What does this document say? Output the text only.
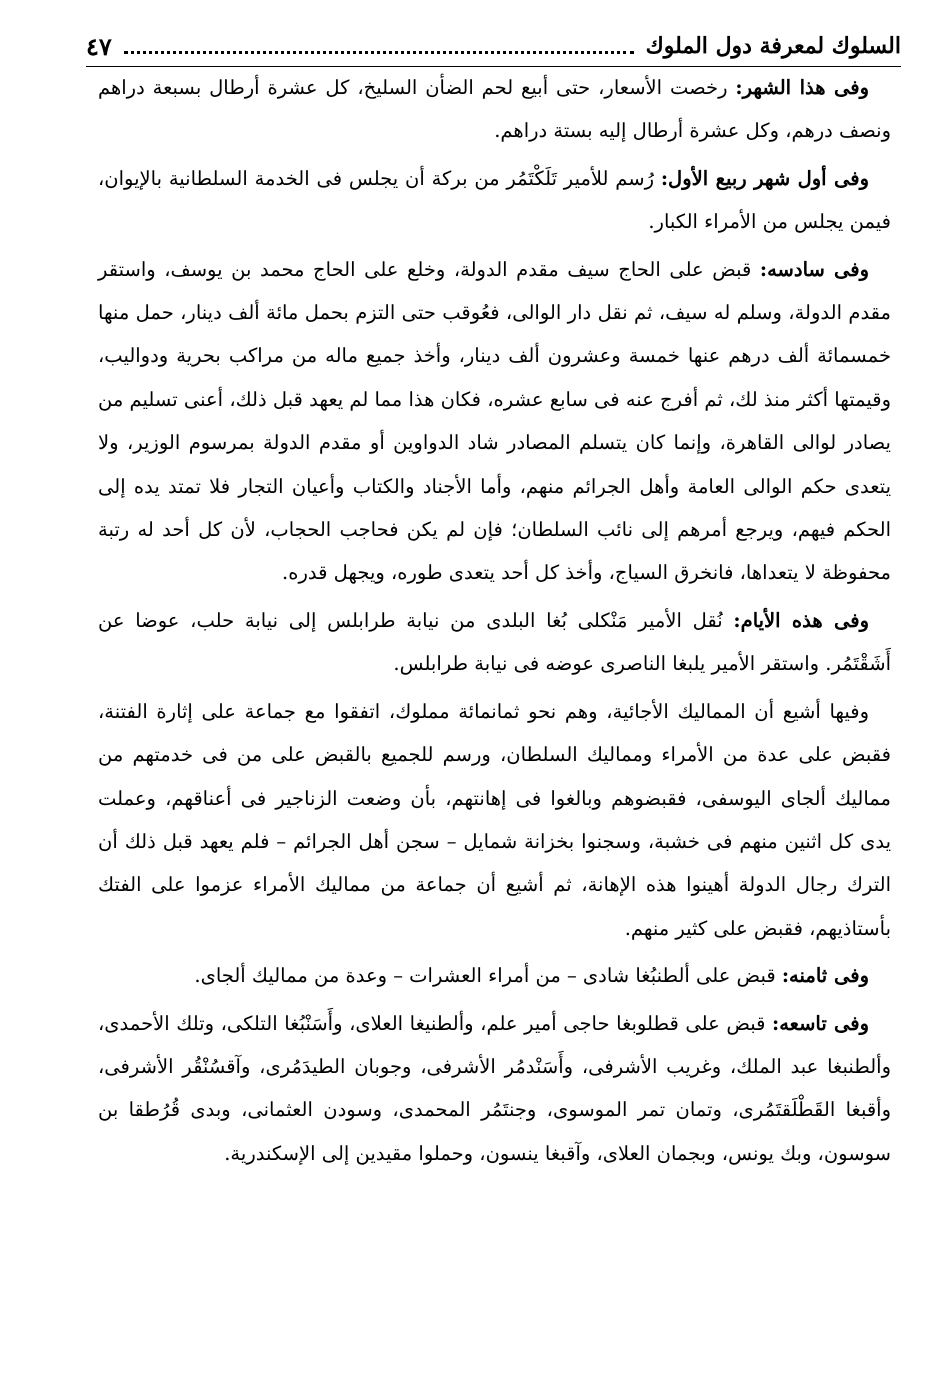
السلوك لمعرفة دول الملوك
٤٧

وفى هذا الشهر: رخصت الأسعار، حتى أبيع لحم الضأن السليخ، كل عشرة أرطال بسبعة دراهم ونصف درهم، وكل عشرة أرطال إليه بستة دراهم.

وفى أول شهر ربيع الأول: رُسم للأمير تَلَكْتَمُر من بركة أن يجلس فى الخدمة السلطانية بالإيوان، فيمن يجلس من الأمراء الكبار.

وفى سادسه: قبض على الحاج سيف مقدم الدولة، وخلع على الحاج محمد بن يوسف، واستقر مقدم الدولة، وسلم له سيف، ثم نقل دار الوالى، فعُوقب حتى التزم بحمل مائة ألف دينار، حمل منها خمسمائة ألف درهم عنها خمسة وعشرون ألف دينار، وأخذ جميع ماله من مراكب بحرية ودواليب، وقيمتها أكثر منذ لك، ثم أفرج عنه فى سابع عشره، فكان هذا مما لم يعهد قبل ذلك، أعنى تسليم من يصادر لوالى القاهرة، وإنما كان يتسلم المصادر شاد الدواوين أو مقدم الدولة بمرسوم الوزير، ولا يتعدى حكم الوالى العامة وأهل الجرائم منهم، وأما الأجناد والكتاب وأعيان التجار فلا تمتد يده إلى الحكم فيهم، ويرجع أمرهم إلى نائب السلطان؛ فإن لم يكن فحاجب الحجاب، لأن كل أحد له رتبة محفوظة لا يتعداها، فانخرق السياج، وأخذ كل أحد يتعدى طوره، ويجهل قدره.

وفى هذه الأيام: نُقل الأمير مَنْكلى بُغا البلدى من نيابة طرابلس إلى نيابة حلب، عوضا عن أَشَقْتَمُر. واستقر الأمير يلبغا الناصرى عوضه فى نيابة طرابلس.

وفيها أشيع أن المماليك الأجائية، وهم نحو ثمانمائة مملوك، اتفقوا مع جماعة على إثارة الفتنة، فقبض على عدة من الأمراء ومماليك السلطان، ورسم للجميع بالقبض على من فى خدمتهم من مماليك ألجاى اليوسفى، فقبضوهم وبالغوا فى إهانتهم، بأن وضعت الزناجير فى أعناقهم، وعملت يدى كل اثنين منهم فى خشبة، وسجنوا بخزانة شمايل – سجن أهل الجرائم – فلم يعهد قبل ذلك أن الترك رجال الدولة أهينوا هذه الإهانة، ثم أشيع أن جماعة من مماليك الأمراء عزموا على الفتك بأستاذيهم، فقبض على كثير منهم.

وفى ثامنه: قبض على ألطنبُغا شادى – من أمراء العشرات – وعدة من مماليك ألجاى.

وفى تاسعه: قبض على قطلوبغا حاجى أمير علم، وألطنيغا العلاى، وأَسَنْبُغا التلكى، وتلك الأحمدى، وألطنبغا عبد الملك، وغريب الأشرفى، وأَسَنْدمُر الأشرفى، وجوبان الطيدَمُرى، وآقسُنْقُر الأشرفى، وأقبغا القَطْلَقتَمُرى، وتمان تمر الموسوى، وجنتَمُر المحمدى، وسودن العثمانى، وبدى قُرُطقا بن سوسون، وبك يونس، وبجمان العلاى، وآقبغا ينسون، وحملوا مقيدين إلى الإسكندرية.
